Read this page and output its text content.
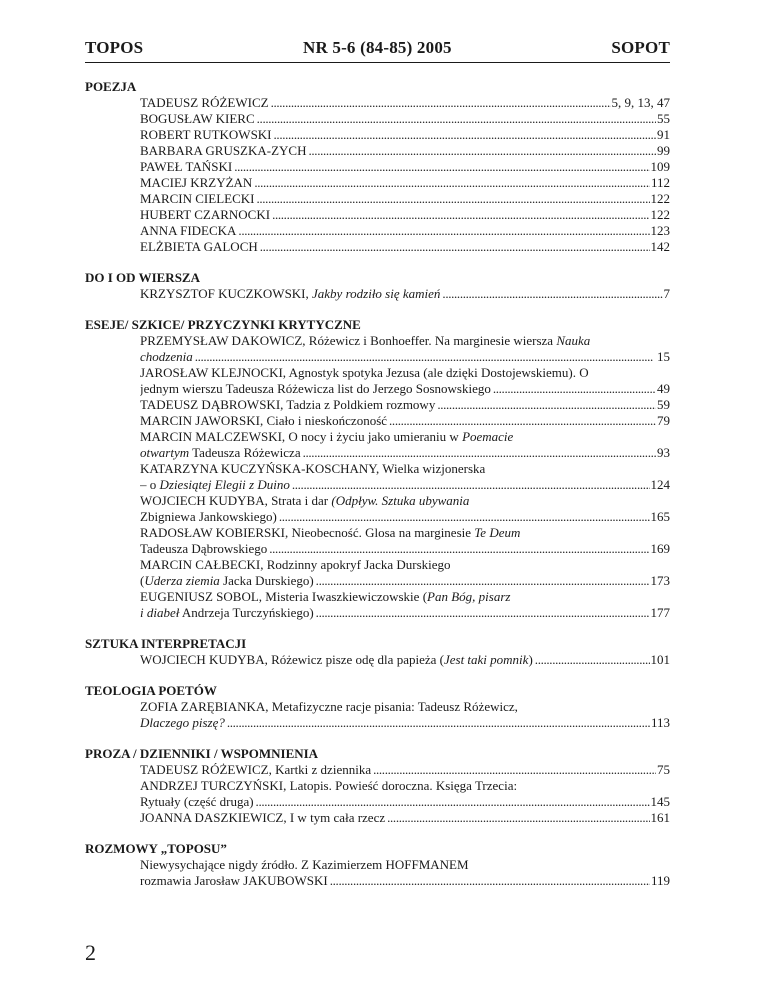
TOPOS	NR 5-6 (84-85) 2005	SOPOT
POEZJA
TADEUSZ RÓŻEWICZ . . .	5, 9, 13, 47
BOGUSŁAW KIERC . . .	55
ROBERT RUTKOWSKI . . .	91
BARBARA GRUSZKA-ZYCH . . .	99
PAWEŁ TAŃSKI . . .	109
MACIEJ KRZYŻAN . . .	112
MARCIN CIELECKI . . .	122
HUBERT CZARNOCKI . . .	122
ANNA FIDECKA . . .	123
ELŻBIETA GALOCH . . .	142
DO I OD WIERSZA
KRZYSZTOF KUCZKOWSKI, Jakby rodziło się kamień . . .	7
ESEJE/ SZKICE/ PRZYCZYNKI KRYTYCZNE
PRZEMYSŁAW DAKOWICZ, Różewicz i Bonhoeffer. Na marginesie wiersza Nauka
chodzenia . . .	15
JAROSŁAW KLEJNOCKI, Agnostyk spotyka Jezusa (ale dzięki Dostojewskiemu). O
jednym wierszu Tadeusza Różewicza list do Jerzego Sosnowskiego . . .	49
TADEUSZ DĄBROWSKI, Tadzia z Poldkiem rozmowy . . .	59
MARCIN JAWORSKI, Ciało i nieskończoność . . .	79
MARCIN MALCZEWSKI, O nocy i życiu jako umieraniu w Poemacie
otwartym Tadeusza Różewicza . . .	93
KATARZYNA KUCZYŃSKA-KOSCHANY, Wielka wizjonerska
– o Dziesiątej Elegii z Duino . . .	124
WOJCIECH KUDYBA, Strata i dar (Odpływ. Sztuka ubywania
Zbigniewa Jankowskiego) . . .	165
RADOSŁAW KOBIERSKI, Nieobecność. Glosa na marginesie Te Deum
Tadeusza Dąbrowskiego . . .	169
MARCIN CAŁBECKI, Rodzinny apokryf Jacka Durskiego
(Uderza ziemia Jacka Durskiego) . . .	173
EUGENIUSZ SOBOL, Misteria Iwaszkiewiczowskie (Pan Bóg, pisarz
i diabeł Andrzeja Turczyńskiego) . . .	177
SZTUKA INTERPRETACJI
WOJCIECH KUDYBA, Różewicz pisze odę dla papieża (Jest taki pomnik) . . .	101
TEOLOGIA POETÓW
ZOFIA ZARĘBIANKA, Metafizyczne racje pisania: Tadeusz Różewicz,
Dlaczego piszę? . . .	113
PROZA / DZIENNIKI / WSPOMNIENIA
TADEUSZ RÓŻEWICZ, Kartki z dziennika . . .	75
ANDRZEJ TURCZYŃSKI, Latopis. Powieść doroczna. Księga Trzecia:
Rytuały (część druga) . . .	145
JOANNA DASZKIEWICZ, I w tym cała rzecz . . .	161
ROZMOWY „TOPOSU”
Niewysychające nigdy źródło. Z Kazimierzem HOFFMANEM
rozmawia Jarosław JAKUBOWSKI . . .	119
2
